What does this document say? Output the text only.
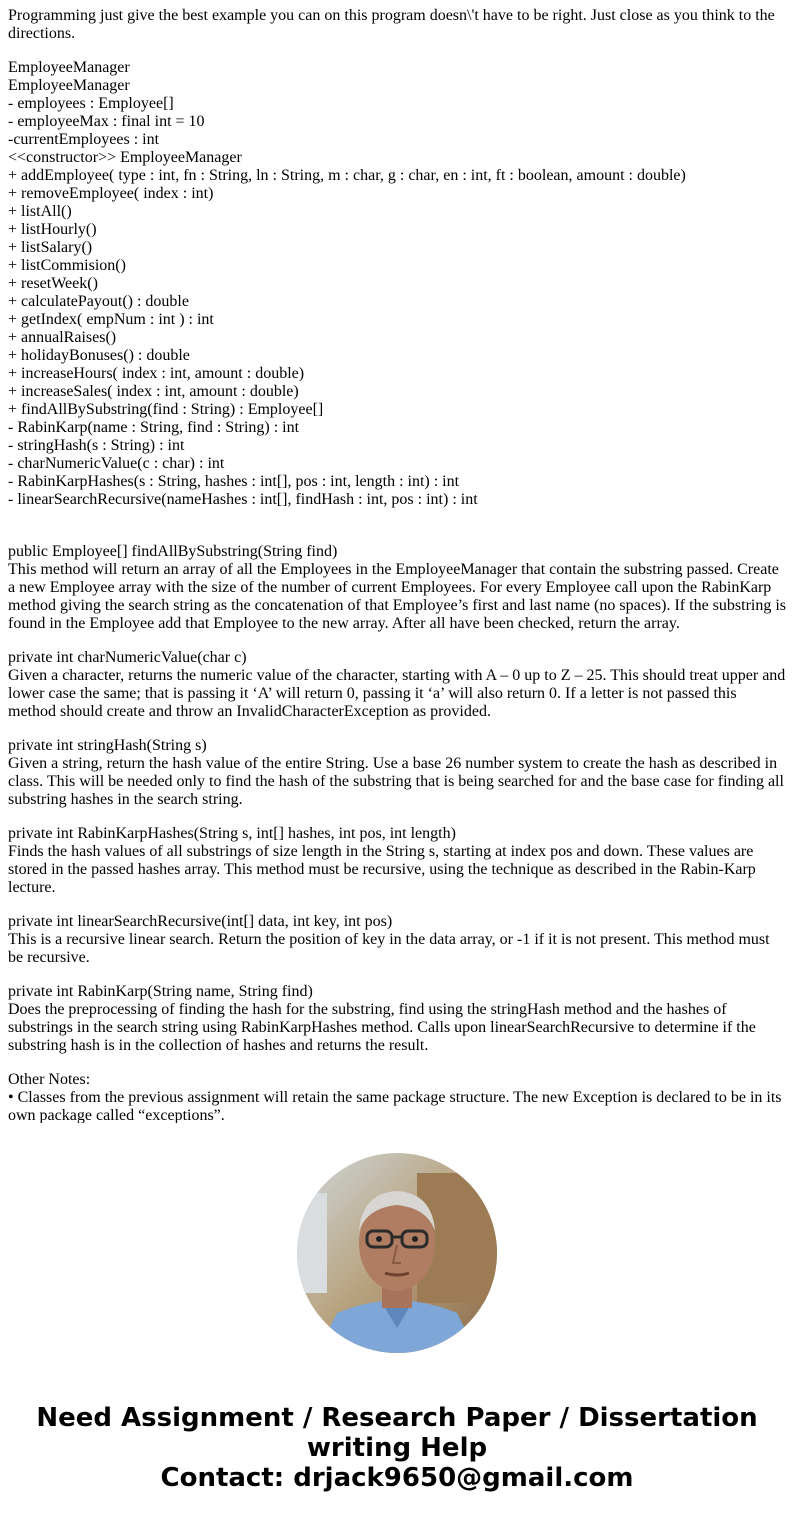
Programming just give the best example you can on this program doesn\'t have to be right. Just close as you think to the directions.

EmployeeManager
EmployeeManager
- employees : Employee[]
- employeeMax : final int = 10
-currentEmployees : int
<<constructor>> EmployeeManager
+ addEmployee( type : int, fn : String, ln : String, m : char, g : char, en : int, ft : boolean, amount : double)
+ removeEmployee( index : int)
+ listAll()
+ listHourly()
+ listSalary()
+ listCommision()
+ resetWeek()
+ calculatePayout() : double
+ getIndex( empNum : int ) : int
+ annualRaises()
+ holidayBonuses() : double
+ increaseHours( index : int, amount : double)
+ increaseSales( index : int, amount : double)
+ findAllBySubstring(find : String) : Employee[]
- RabinKarp(name : String, find : String) : int
- stringHash(s : String) : int
- charNumericValue(c : char) : int
- RabinKarpHashes(s : String, hashes : int[], pos : int, length : int) : int
- linearSearchRecursive(nameHashes : int[], findHash : int, pos : int) : int

public Employee[] findAllBySubstring(String find)
This method will return an array of all the Employees in the EmployeeManager that contain the substring passed. Create a new Employee array with the size of the number of current Employees. For every Employee call upon the RabinKarp method giving the search string as the concatenation of that Employee’s first and last name (no spaces). If the substring is found in the Employee add that Employee to the new array. After all have been checked, return the array.

private int charNumericValue(char c)
Given a character, returns the numeric value of the character, starting with A – 0 up to Z – 25. This should treat upper and lower case the same; that is passing it ‘A’ will return 0, passing it ‘a’ will also return 0. If a letter is not passed this method should create and throw an InvalidCharacterException as provided.

private int stringHash(String s)
Given a string, return the hash value of the entire String. Use a base 26 number system to create the hash as described in class. This will be needed only to find the hash of the substring that is being searched for and the base case for finding all substring hashes in the search string.

private int RabinKarpHashes(String s, int[] hashes, int pos, int length)
Finds the hash values of all substrings of size length in the String s, starting at index pos and down. These values are stored in the passed hashes array. This method must be recursive, using the technique as described in the Rabin-Karp lecture.

private int linearSearchRecursive(int[] data, int key, int pos)
This is a recursive linear search. Return the position of key in the data array, or -1 if it is not present. This method must be recursive.

private int RabinKarp(String name, String find)
Does the preprocessing of finding the hash for the substring, find using the stringHash method and the hashes of substrings in the search string using RabinKarpHashes method. Calls upon linearSearchRecursive to determine if the substring hash is in the collection of hashes and returns the result.

Other Notes:
• Classes from the previous assignment will retain the same package structure. The new Exception is declared to be in its own package called “exceptions”.
Need Assignment / Research Paper / Dissertation
writing Help
Contact: drjack9650@gmail.com
